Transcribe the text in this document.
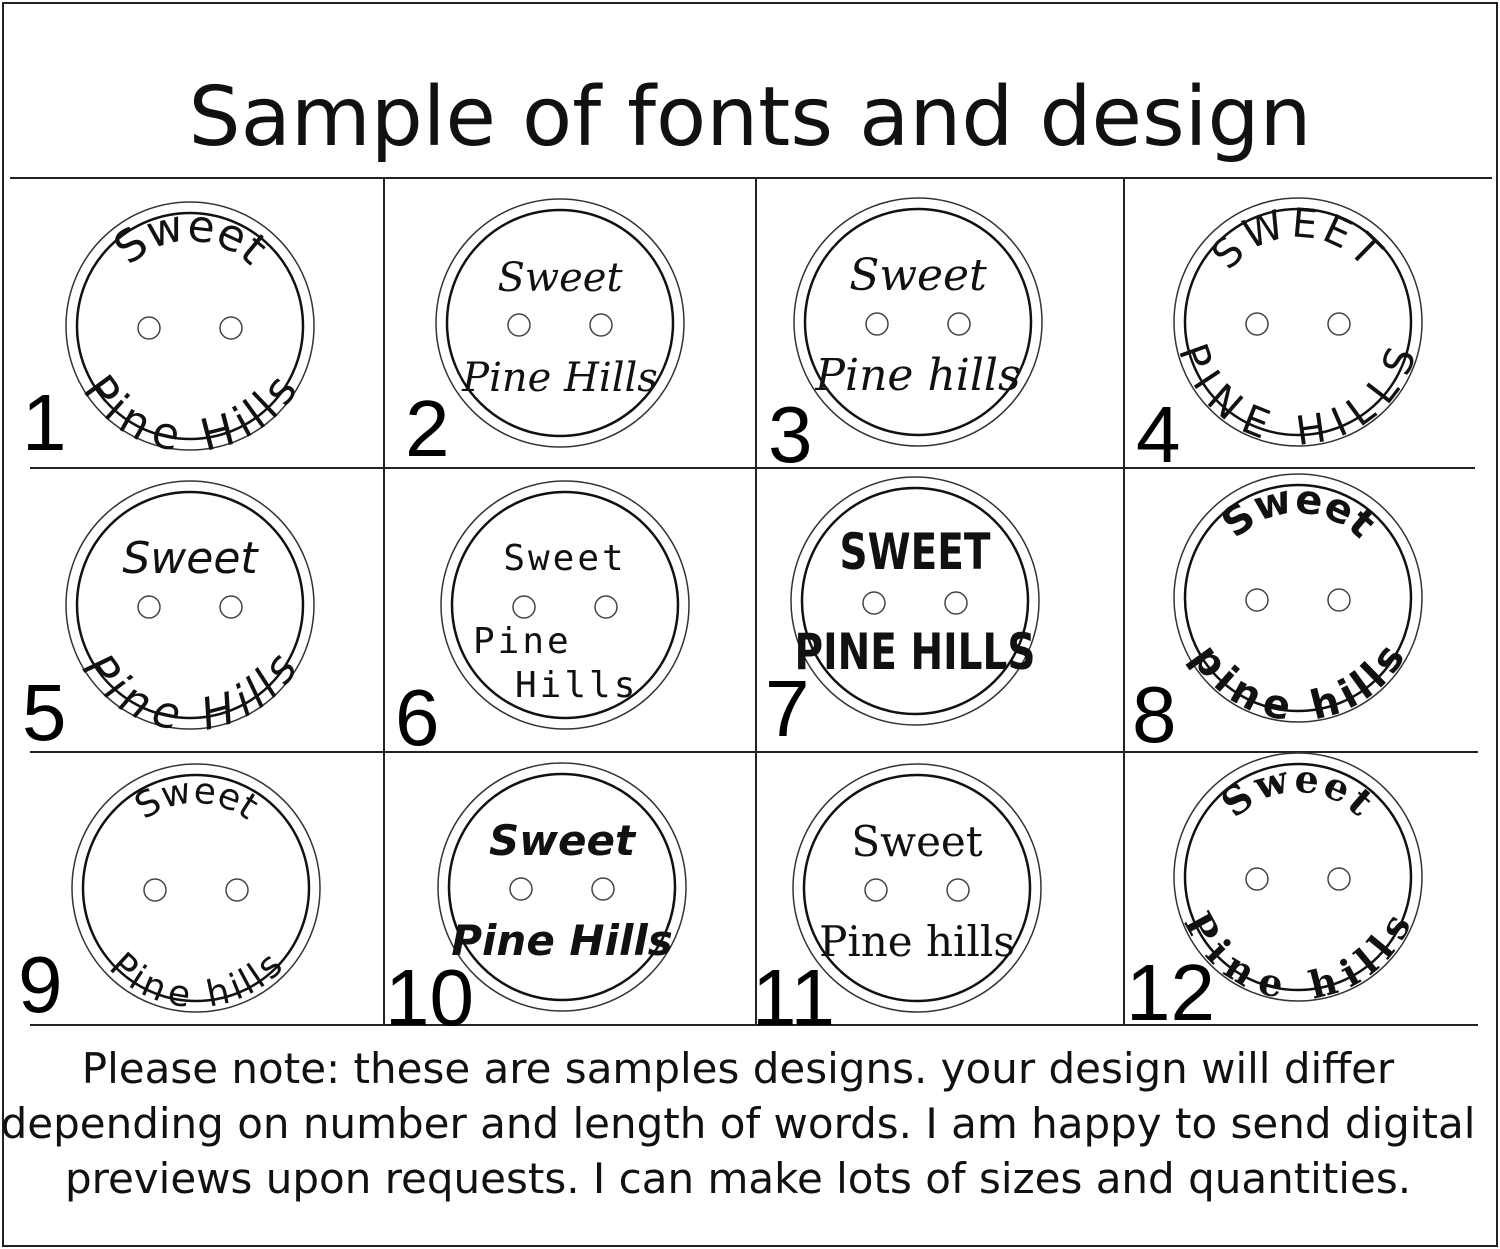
Sample of fonts and design
Sweet
Pine Hills
1
Sweet
Pine Hills
2
Sweet
Pine hills
3
SWEET
PINE HILLS
4
Sweet
Pine Hills
5
Sweet
Pine
Hills
6
SWEET
PINE HILLS
7
Sweet
pine hills
8
Sweet
Pine hills
9
Sweet
Pine Hills
10
Sweet
Pine hills
11
Sweet
Pine hills
12
Please note: these are samples designs. your design will differ
depending on number and length of words. I am happy to send digital
previews upon requests. I can make lots of sizes and quantities.
